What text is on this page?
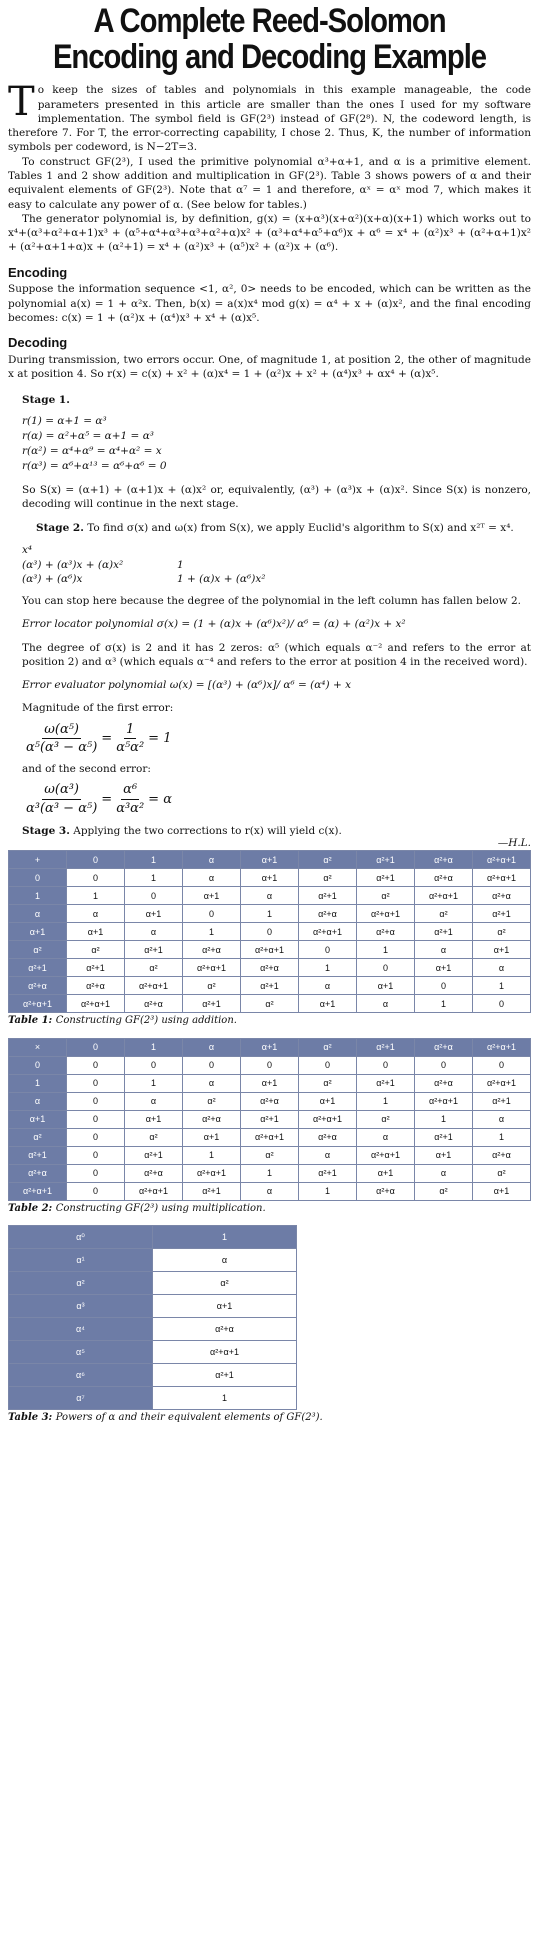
A Complete Reed-Solomon
Encoding and Decoding Example

To keep the sizes of tables and polynomials in this example manageable, the code parameters presented in this article are smaller than the ones I used for my software implementation. The symbol field is GF(2³) instead of GF(2⁸). N, the codeword length, is therefore 7. For T, the error-correcting capability, I chose 2. Thus, K, the number of information symbols per codeword, is N−2T=3.

To construct GF(2³), I used the primitive polynomial α³+α+1, and α is a primitive element. Tables 1 and 2 show addition and multiplication in GF(2³). Table 3 shows powers of α and their equivalent elements of GF(2³). Note that α⁷ = 1 and therefore, αˣ = αˣ mod 7, which makes it easy to calculate any power of α. (See below for tables.)

The generator polynomial is, by definition, g(x) = (x+α³)(x+α²)(x+α)(x+1) which works out to x⁴+(α³+α²+α+1)x³ + (α⁵+α⁴+α³+α³+α²+α)x² + (α³+α⁴+α⁵+α⁶)x + α⁶ = x⁴ + (α²)x³ + (α²+α+1)x² + (α²+α+1+α)x + (α²+1) = x⁴ + (α²)x³ + (α⁵)x² + (α²)x + (α⁶).

Encoding

Suppose the information sequence <1, α², 0> needs to be encoded, which can be written as the polynomial a(x) = 1 + α²x. Then, b(x) = a(x)x⁴ mod g(x) = α⁴ + x + (α)x², and the final encoding becomes: c(x) = 1 + (α²)x + (α⁴)x³ + x⁴ + (α)x⁵.

Decoding

During transmission, two errors occur. One, of magnitude 1, at position 2, the other of magnitude x at position 4. So r(x) = c(x) + x² + (α)x⁴ = 1 + (α²)x + x² + (α⁴)x³ + αx⁴ + (α)x⁵.

Stage 1.
r(1) = α+1 = α³
r(α) = α²+α⁵ = α+1 = α³
r(α²) = α⁴+α⁹ = α⁴+α² = x
r(α³) = α⁶+α¹³ = α⁶+α⁶ = 0

So S(x) = (α+1) + (α+1)x + (α)x² or, equivalently, (α³) + (α³)x + (α)x². Since S(x) is nonzero, decoding will continue in the next stage.

Stage 2. To find σ(x) and ω(x) from S(x), we apply Euclid's algorithm to S(x) and x²ᵀ = x⁴.

x⁴
(α³) + (α³)x + (α)x²	1
(α³) + (α⁶)x	1 + (α)x + (α⁶)x²

You can stop here because the degree of the polynomial in the left column has fallen below 2.

Error locator polynomial σ(x) = (1 + (α)x + (α⁶)x²)/ α⁶ = (α) + (α²)x + x²

The degree of σ(x) is 2 and it has 2 zeros: α⁵ (which equals α⁻² and refers to the error at position 2) and α³ (which equals α⁻⁴ and refers to the error at position 4 in the received word).

Error evaluator polynomial ω(x) = [(α³) + (α⁶)x]/ α⁶ = (α⁴) + x
Magnitude of the first error:
ω(α⁵)
α⁵(α³ − α⁵)
= $\frac{1}{\text{α⁵α²}} = 1$
and of the second error:
ω(α³)
α³(α³ − α⁵)
= $\frac{\text{α⁶}}{\text{α³α²}} = \alpha$

Stage 3. Applying the two corrections to r(x) will yield c(x).

—H.L.
+	0	1	α	α+1	α²	α²+1	α²+α	α²+α+1
0	0	1	α	α+1	α²	α²+1	α²+α	α²+α+1
1	1	0	α+1	α	α²+1	α²	α²+α+1	α²+α
α	α	α+1	0	1	α²+α	α²+α+1	α²	α²+1
α+1	α+1	α	1	0	α²+α+1	α²+α	α²+1	α²
α²	α²	α²+1	α²+α	α²+α+1	0	1	α	α+1
α²+1	α²+1	α²	α²+α+1	α²+α	1	0	α+1	α
α²+α	α²+α	α²+α+1	α²	α²+1	α	α+1	0	1
α²+α+1	α²+α+1	α²+α	α²+1	α²	α+1	α	1	0
Table 1: Constructing GF(2³) using addition.
×	0	1	α	α+1	α²	α²+1	α²+α	α²+α+1
0	0	0	0	0	0	0	0	0
1	0	1	α	α+1	α²	α²+1	α²+α	α²+α+1
α	0	α	α²	α²+α	α+1	1	α²+α+1	α²+1
α+1	0	α+1	α²+α	α²+1	α²+α+1	α²	1	α
α²	0	α²	α+1	α²+α+1	α²+α	α	α²+1	1
α²+1	0	α²+1	1	α²	α	α²+α+1	α+1	α²+α
α²+α	0	α²+α	α²+α+1	1	α²+1	α+1	α	α²
α²+α+1	0	α²+α+1	α²+1	α	1	α²+α	α²	α+1
Table 2: Constructing GF(2³) using multiplication.
α⁰	1
α¹	α
α²	α²
α³	α+1
α⁴	α²+α
α⁵	α²+α+1
α⁶	α²+1
α⁷	1
Table 3: Powers of α and their equivalent elements of GF(2³).
